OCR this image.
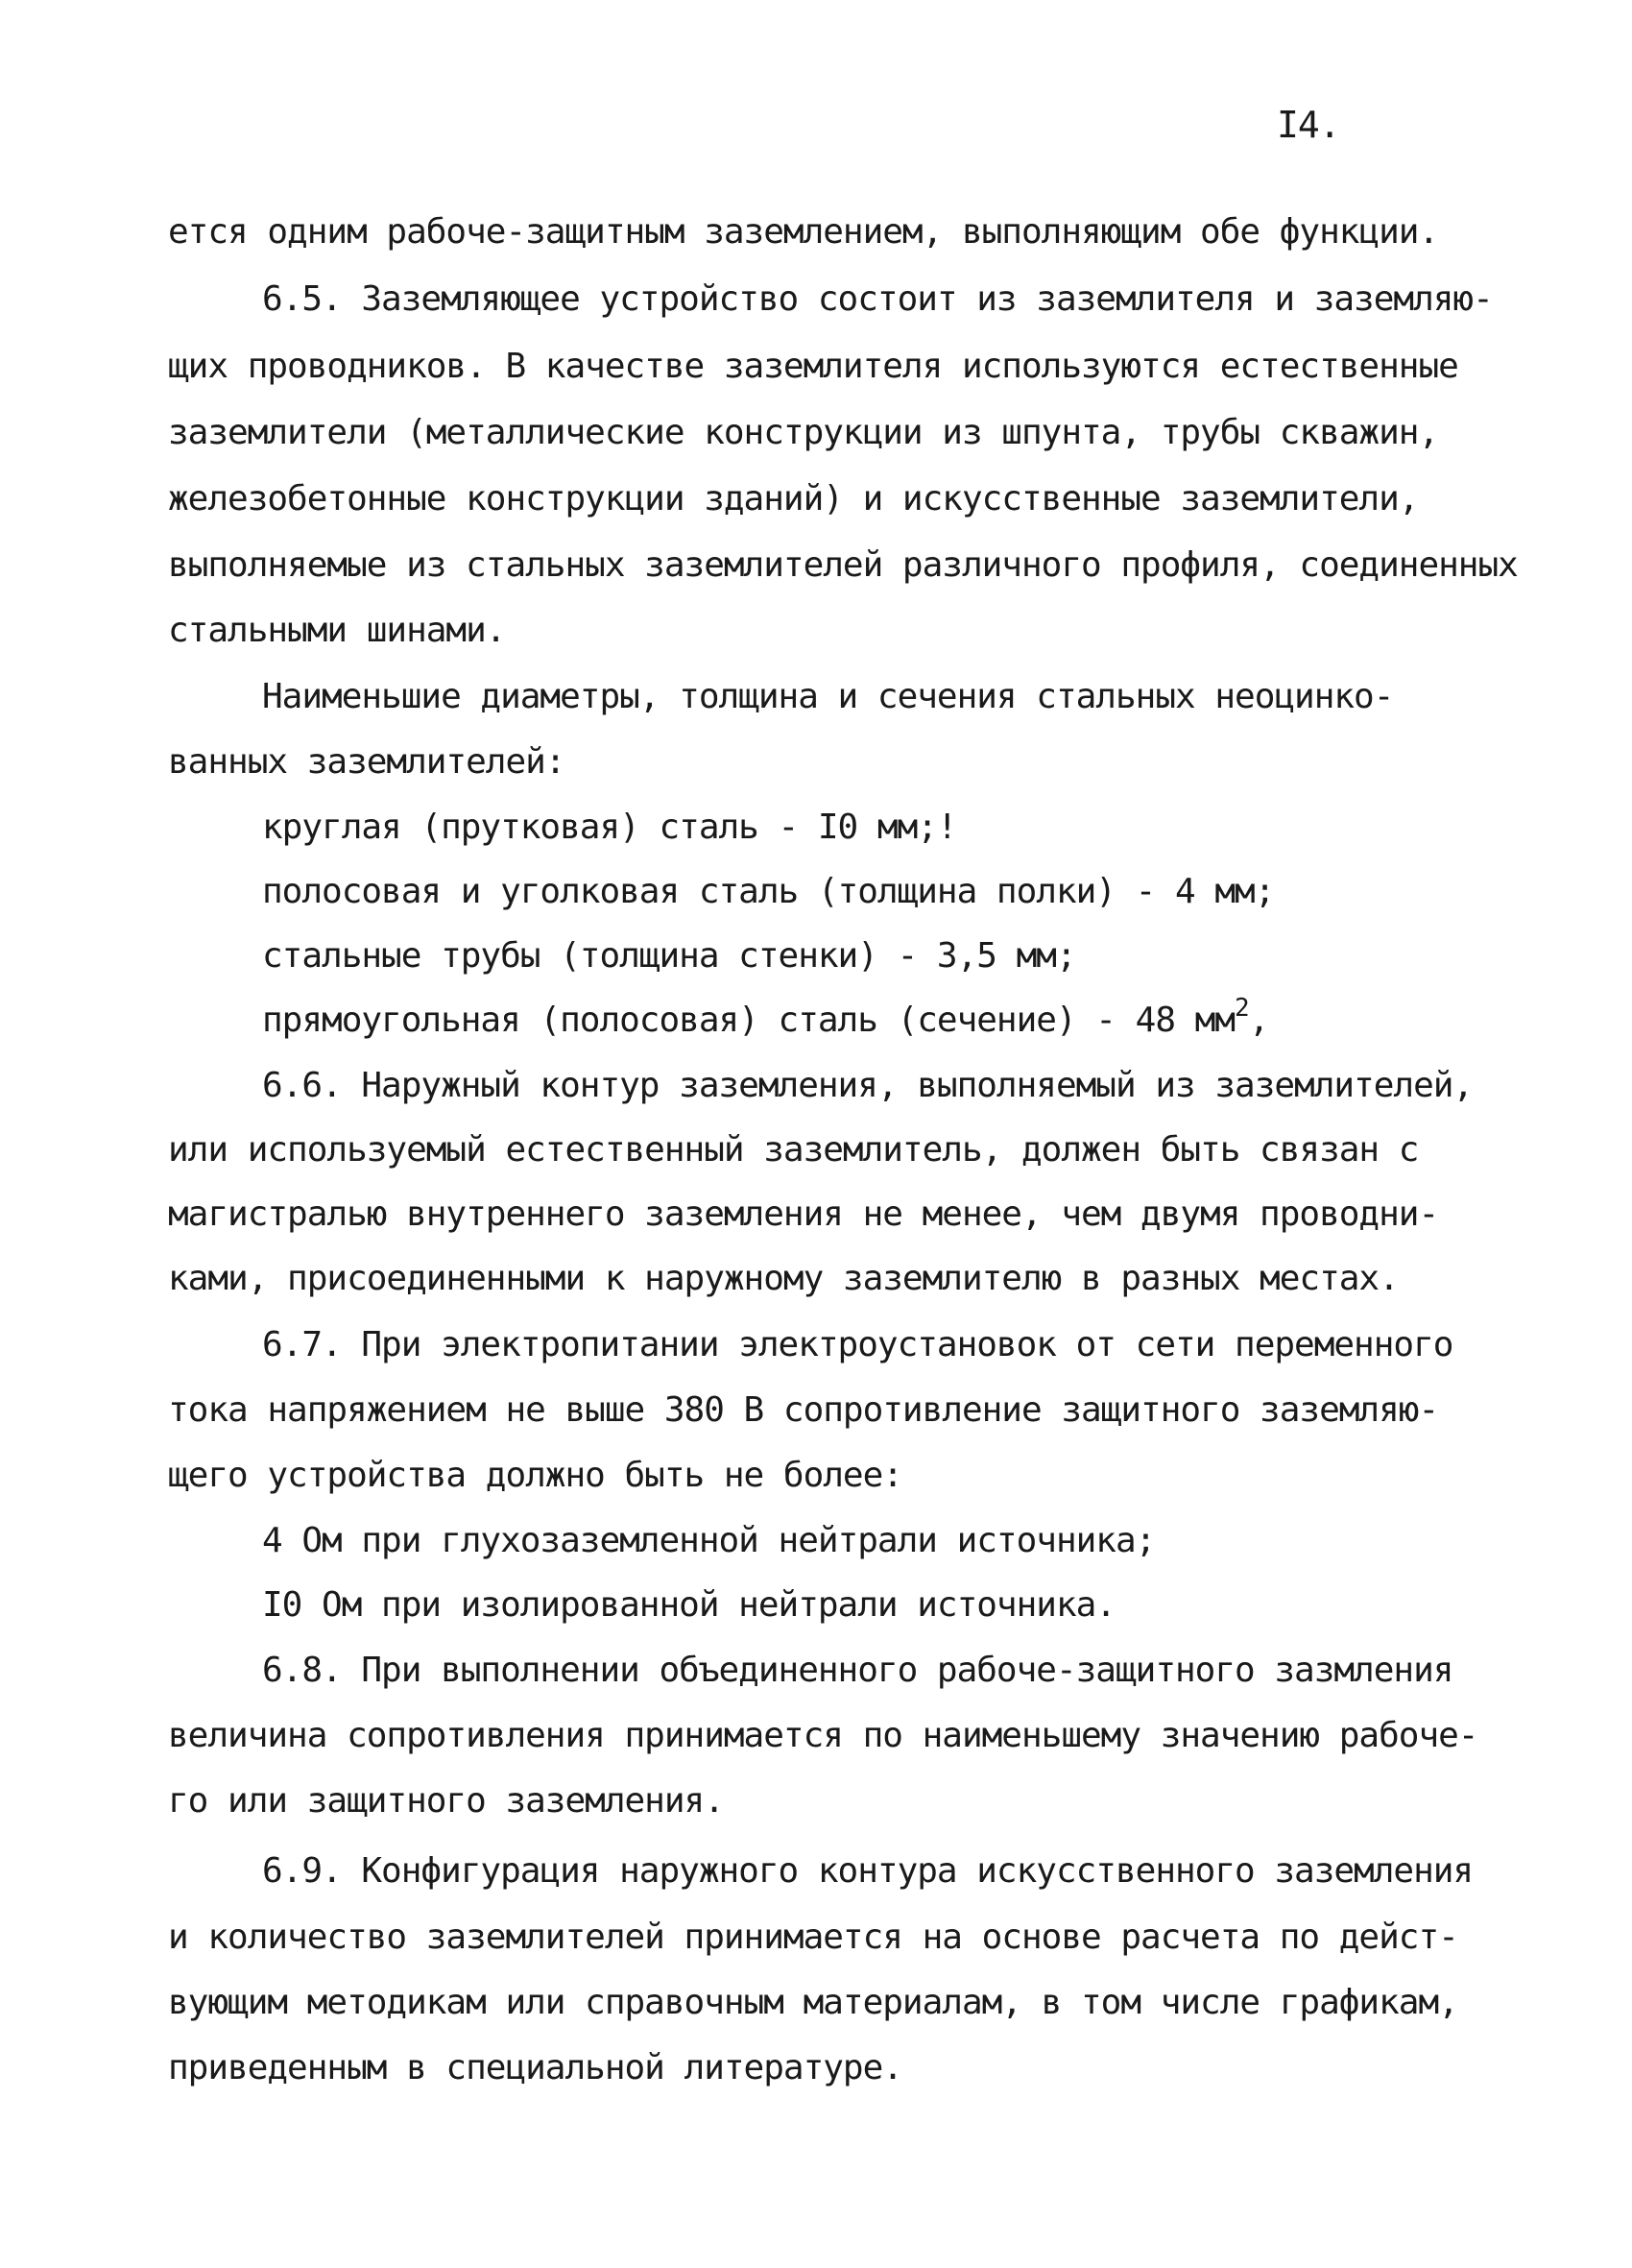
I4.
ется одним рабоче-защитным заземлением, выполняющим обе функции.
6.5. Заземляющее устройство состоит из заземлителя и заземляю-
щих проводников. В качестве заземлителя используются естественные
заземлители (металлические конструкции из шпунта, трубы скважин,
железобетонные конструкции зданий) и искусственные заземлители,
выполняемые из стальных заземлителей различного профиля, соединенных
стальными шинами.
Наименьшие диаметры, толщина и сечения стальных неоцинко-
ванных заземлителей:
круглая (прутковая) сталь - I0 мм;!
полосовая и уголковая сталь (толщина полки) - 4 мм;
стальные трубы (толщина стенки) - 3,5 мм;
прямоугольная (полосовая) сталь (сечение) - 48 $мм^2$,
6.6. Наружный контур заземления, выполняемый из заземлителей,
или используемый естественный заземлитель, должен быть связан с
магистралью внутреннего заземления не менее, чем двумя проводни-
ками, присоединенными к наружному заземлителю в разных местах.
6.7. При электропитании электроустановок от сети переменного
тока напряжением не выше 380 В сопротивление защитного заземляю-
щего устройства должно быть не более:
4 Ом при глухозаземленной нейтрали источника;
I0 Ом при изолированной нейтрали источника.
6.8. При выполнении объединенного рабоче-защитного зазмления
величина сопротивления принимается по наименьшему значению рабоче-
го или защитного заземления.
6.9. Конфигурация наружного контура искусственного заземления
и количество заземлителей принимается на основе расчета по дейст-
вующим методикам или справочным материалам, в том числе графикам,
приведенным в специальной литературе.
